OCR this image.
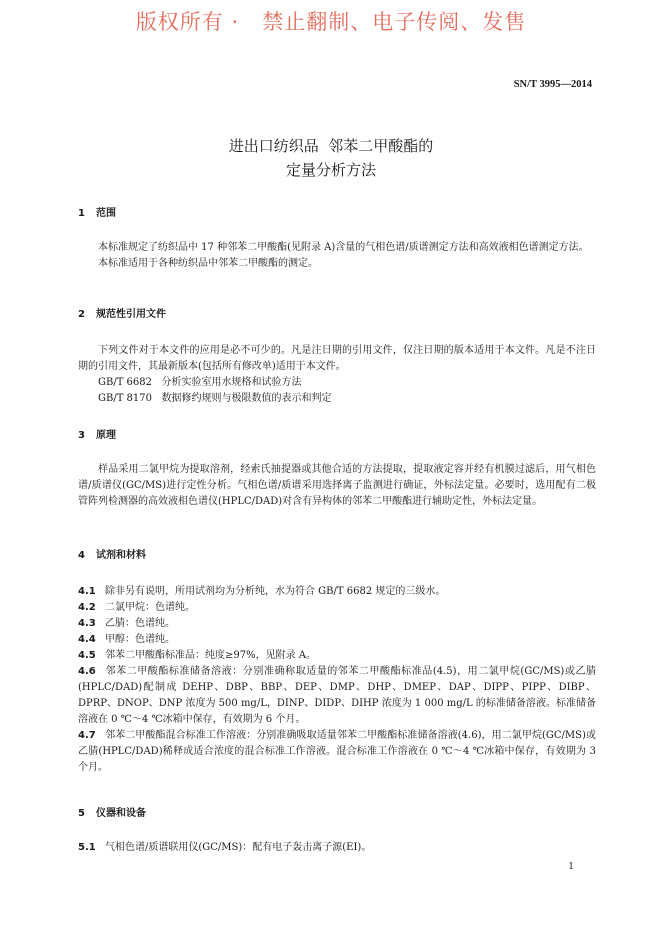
版权所有 ·   禁止翻制、电子传阅、发售
SN/T 3995—2014
进出口纺织品  邻苯二甲酸酯的
定量分析方法
1 范围

本标准规定了纺织品中 17 种邻苯二甲酸酯(见附录 A)含量的气相色谱/质谱测定方法和高效液相色谱测定方法。

本标准适用于各种纺织品中邻苯二甲酸酯的测定。

2 规范性引用文件

下列文件对于本文件的应用是必不可少的。凡是注日期的引用文件，仅注日期的版本适用于本文件。凡是不注日期的引用文件，其最新版本(包括所有修改单)适用于本文件。

GB/T 6682   分析实验室用水规格和试验方法
GB/T 8170   数据修约规则与极限数值的表示和判定
3 原理

样品采用二氯甲烷为提取溶剂，经索氏抽提器或其他合适的方法提取，提取液定容并经有机膜过滤后，用气相色谱/质谱仪(GC/MS)进行定性分析。气相色谱/质谱采用选择离子监测进行确证，外标法定量。必要时，选用配有二极管阵列检测器的高效液相色谱仪(HPLC/DAD)对含有异构体的邻苯二甲酸酯进行辅助定性，外标法定量。

4 试剂和材料

4.1 除非另有说明，所用试剂均为分析纯，水为符合 GB/T 6682 规定的三级水。

4.2 二氯甲烷：色谱纯。

4.3 乙腈：色谱纯。

4.4 甲醇：色谱纯。

4.5 邻苯二甲酸酯标准品：纯度≥97%，见附录 A。

4.6 邻苯二甲酸酯标准储备溶液：分别准确称取适量的邻苯二甲酸酯标准品(4.5)，用二氯甲烷(GC/MS)或乙腈(HPLC/DAD)配制成 DEHP、DBP、BBP、DEP、DMP、DHP、DMEP、DAP、DIPP、PIPP、DIBP、DPRP、DNOP、DNP 浓度为 500 mg/L，DINP、DIDP、DIHP 浓度为 1 000 mg/L 的标准储备溶液。标准储备溶液在 0 ℃～4 ℃冰箱中保存，有效期为 6 个月。

4.7 邻苯二甲酸酯混合标准工作溶液：分别准确吸取适量邻苯二甲酸酯标准储备溶液(4.6)，用二氯甲烷(GC/MS)或乙腈(HPLC/DAD)稀释成适合浓度的混合标准工作溶液。混合标准工作溶液在 0 ℃～4 ℃冰箱中保存，有效期为 3 个月。

5 仪器和设备

5.1 气相色谱/质谱联用仪(GC/MS)：配有电子轰击离子源(EI)。

1
